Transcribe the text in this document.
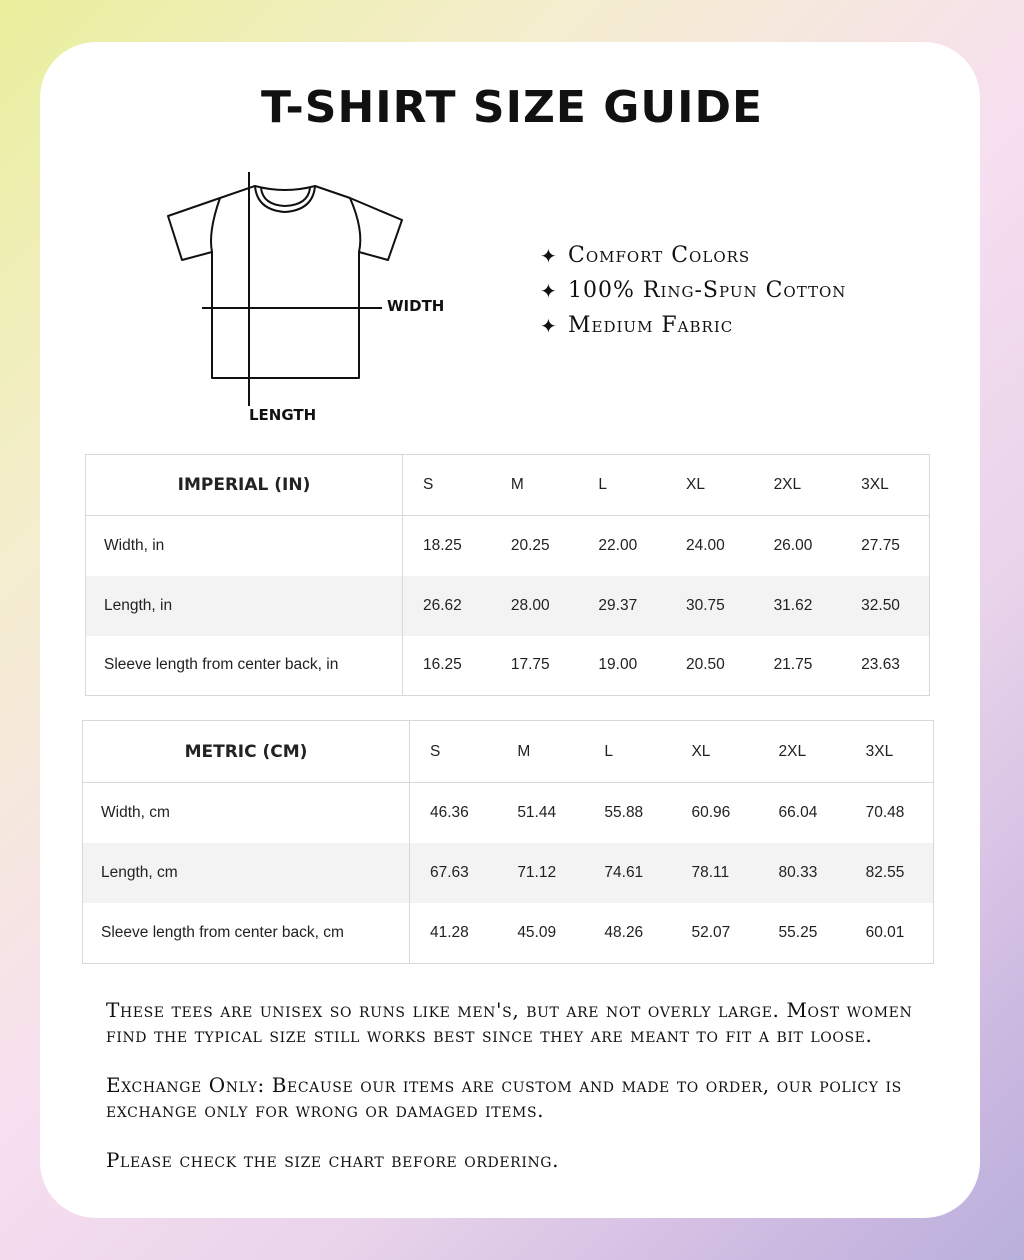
T-SHIRT SIZE GUIDE
WIDTH
LENGTH
✦ Comfort Colors
✦ 100% Ring-Spun Cotton
✦ Medium Fabric
IMPERIAL (IN)	S	M	L	XL	2XL	3XL
Width, in	18.25	20.25	22.00	24.00	26.00	27.75
Length, in	26.62	28.00	29.37	30.75	31.62	32.50
Sleeve length from center back, in	16.25	17.75	19.00	20.50	21.75	23.63
METRIC (CM)	S	M	L	XL	2XL	3XL
Width, cm	46.36	51.44	55.88	60.96	66.04	70.48
Length, cm	67.63	71.12	74.61	78.11	80.33	82.55
Sleeve length from center back, cm	41.28	45.09	48.26	52.07	55.25	60.01

These tees are unisex so runs like men's, but are not overly large. Most women find the typical size still works best since they are meant to fit a bit loose.

Exchange Only: Because our items are custom and made to order, our policy is exchange only for wrong or damaged items.

Please check the size chart before ordering.
